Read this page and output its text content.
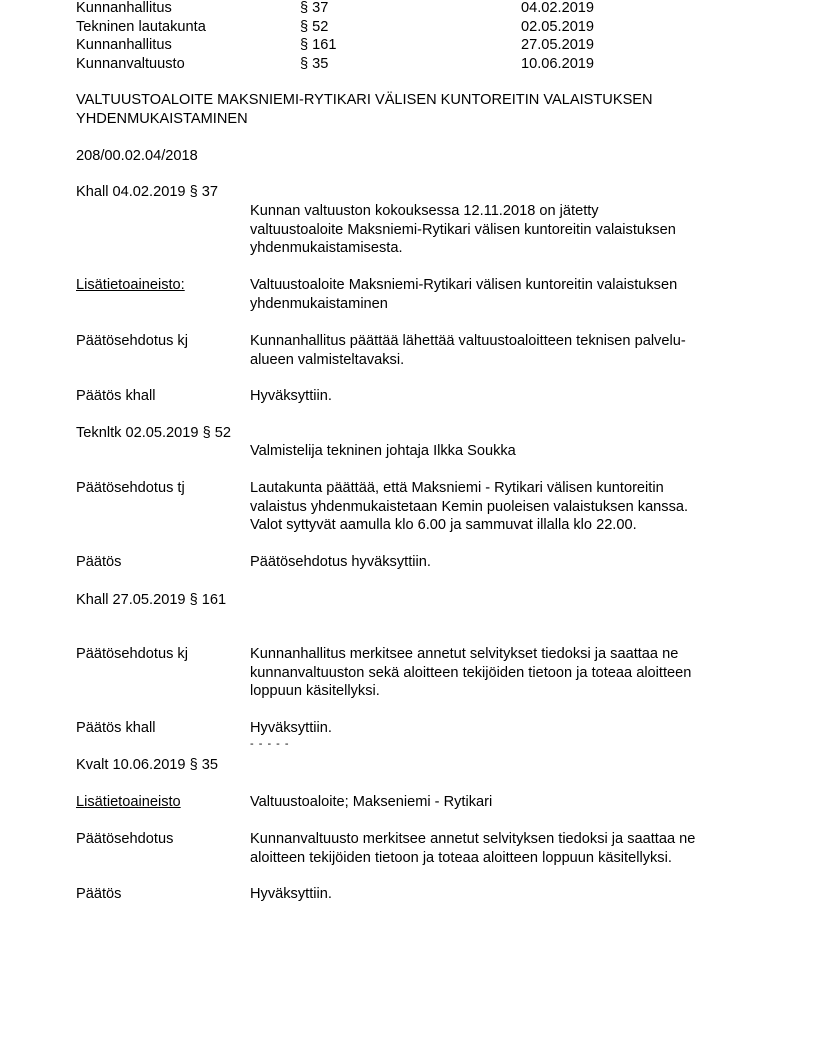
Kunnanhallitus	§ 37	04.02.2019
Tekninen lautakunta	§ 52	02.05.2019
Kunnanhallitus	§ 161	27.05.2019
Kunnanvaltuusto	§ 35	10.06.2019
VALTUUSTOALOITE MAKSNIEMI-RYTIKARI VÄLISEN KUNTOREITIN VALAISTUKSEN
YHDENMUKAISTAMINEN
208/00.02.04/2018
Khall 04.02.2019 § 37
Kunnan valtuuston kokouksessa 12.11.2018 on jätetty
valtuustoaloite Maksniemi-Rytikari välisen kuntoreitin valaistuksen
yhdenmukaistamisesta.
Lisätietoaineisto:	Valtuustoaloite Maksniemi-Rytikari välisen kuntoreitin valaistuksen
yhdenmukaistaminen
Päätösehdotus kj	Kunnanhallitus päättää lähettää valtuustoaloitteen teknisen palvelu-
alueen valmisteltavaksi.
Päätös khall	Hyväksyttiin.
Teknltk 02.05.2019 § 52
Valmistelija tekninen johtaja Ilkka Soukka
Päätösehdotus tj	Lautakunta päättää, että Maksniemi - Rytikari välisen kuntoreitin
valaistus yhdenmukaistetaan Kemin puoleisen valaistuksen kanssa.
Valot syttyvät aamulla klo 6.00 ja sammuvat illalla klo 22.00.
Päätös	Päätösehdotus hyväksyttiin.
Khall 27.05.2019 § 161
Päätösehdotus kj	Kunnanhallitus merkitsee annetut selvitykset tiedoksi ja saattaa ne
kunnanvaltuuston sekä aloitteen tekijöiden tietoon ja toteaa aloitteen
loppuun käsitellyksi.
Päätös khall	Hyväksyttiin.
- - - - -
Kvalt 10.06.2019 § 35
Lisätietoaineisto	Valtuustoaloite; Makseniemi - Rytikari
Päätösehdotus	Kunnanvaltuusto merkitsee annetut selvityksen tiedoksi ja saattaa ne
aloitteen tekijöiden tietoon ja toteaa aloitteen loppuun käsitellyksi.
Päätös	Hyväksyttiin.
